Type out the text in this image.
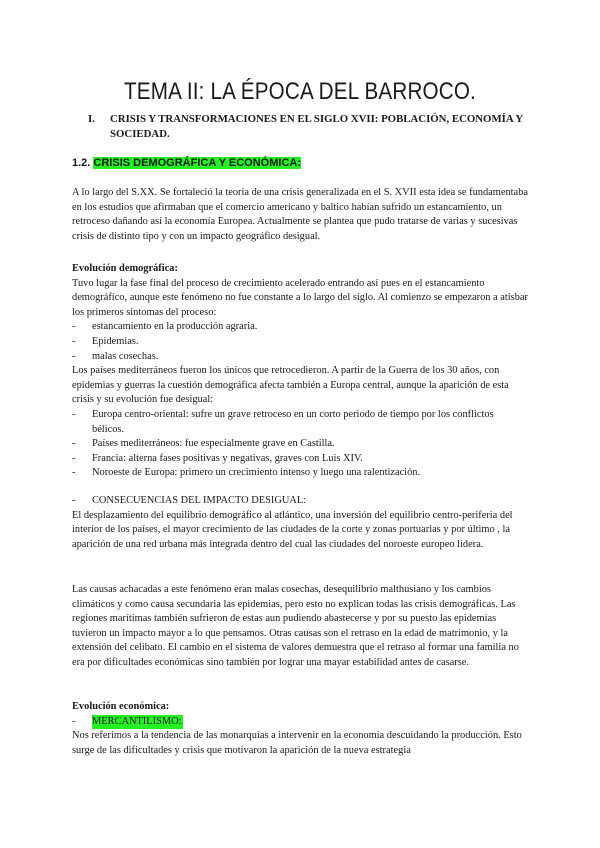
TEMA II: LA ÉPOCA DEL BARROCO.
I.	CRISIS Y TRANSFORMACIONES EN EL SIGLO XVII: POBLACIÓN, ECONOMÍA Y SOCIEDAD.
1.2. CRISIS DEMOGRÁFICA Y ECONÓMICA:

A lo largo del S.XX. Se fortaleció la teoría de una crisis generalizada en el S. XVII esta idea se fundamentaba en los estudios que afirmaban que el comercio americano y baltico habían sufrido un estancamiento, un retroceso dañando así la economía Europea. Actualmente se plantea que pudo tratarse de varias y sucesivas crisis de distinto tipo y con un impacto geográfico desigual.

Evolución demográfica:

Tuvo lugar la fase final del proceso de crecimiento acelerado entrando así pues en el estancamiento demográfico, aunque este fenómeno no fue constante a lo largo del siglo. Al comienzo se empezaron a atisbar los primeros síntomas del proceso:

- estancamiento en la producción agraria.
- Epidemias.
- malas cosechas.

Los países mediterráneos fueron los únicos que retrocedieron. A partir de la Guerra de los 30 años, con epidemias y guerras la cuestión demográfica afecta también a Europa central, aunque la aparición de esta crisis y su evolución fue desigual:

- Europa centro-oriental: sufre un grave retroceso en un corto periodo de tiempo por los conflictos bélicos.
- Países mediterráneos: fue especialmente grave en Castilla.
- Francia: alterna fases positivas y negativas, graves con Luis XIV.
- Noroeste de Europa: primero un crecimiento intenso y luego una ralentización.
- CONSECUENCIAS DEL IMPACTO DESIGUAL:

El desplazamiento del equilibrio demográfico al atlántico, una inversión del equilibrio centro-periferia del interior de los países, el mayor crecimiento de las ciudades de la corte y zonas portuarias y por último , la aparición de una red urbana más integrada dentro del cual las ciudades del noroeste europeo lidera.

Las causas achacadas a este fenómeno eran malas cosechas, desequilibrio malthusiano y los cambios climáticos y como causa secundaria las epidemias, pero esto no explican todas las crisis demográficas. Las regiones marítimas también sufrieron de estas aun pudiendo abastecerse y por su puesto las epidemias tuvieron un impacto mayor a lo que pensamos. Otras causas son el retraso en la edad de matrimonio, y la extensión del celibato. El cambio en el sistema de valores demuestra que el retraso al formar una familia no era por dificultades económicas sino también por lograr una mayar estabilidad antes de casarse.

Evolución económica:

- MERCANTILISMO:

Nos referimos a la tendencia de las monarquías a intervenir en la economía descuidando la producción. Esto surge de las dificultades y crisis que motivaron la aparición de la nueva estrategia
